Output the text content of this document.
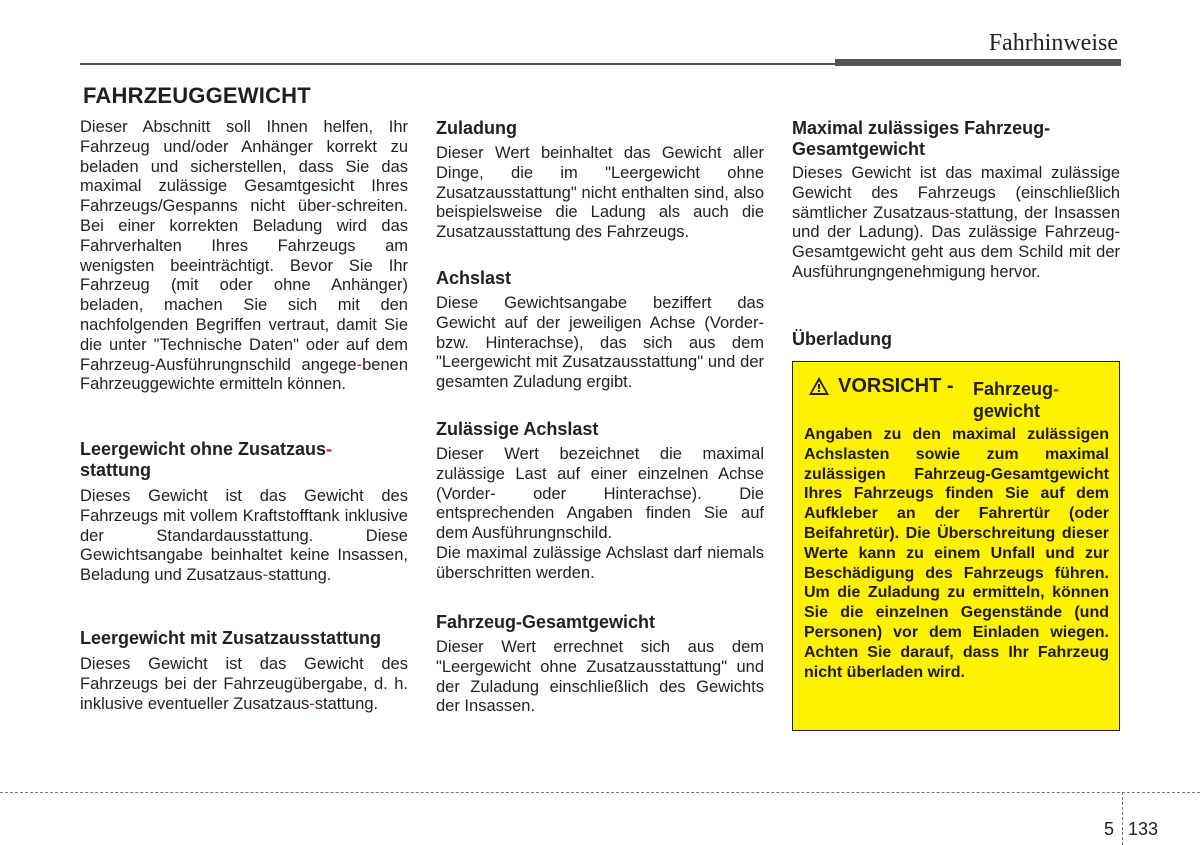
Fahrhinweise
FAHRZEUGGEWICHT

Dieser Abschnitt soll Ihnen helfen, Ihr Fahrzeug und/oder Anhänger korrekt zu beladen und sicherstellen, dass Sie das maximal zulässige Gesamtgesicht Ihres Fahrzeugs/Gespanns nicht über-schreiten. Bei einer korrekten Beladung wird das Fahrverhalten Ihres Fahrzeugs am wenigsten beeinträchtigt. Bevor Sie Ihr Fahrzeug (mit oder ohne Anhänger) beladen, machen Sie sich mit den nachfolgenden Begriffen vertraut, damit Sie die unter "Technische Daten" oder auf dem Fahrzeug-Ausführungnschild angege-benen Fahrzeuggewichte ermitteln können.

Leergewicht ohne Zusatzaus-
stattung

Dieses Gewicht ist das Gewicht des Fahrzeugs mit vollem Kraftstofftank inklusive der Standardausstattung. Diese Gewichtsangabe beinhaltet keine Insassen, Beladung und Zusatzaus-stattung.

Leergewicht mit Zusatzausstattung

Dieses Gewicht ist das Gewicht des Fahrzeugs bei der Fahrzeugübergabe, d. h. inklusive eventueller Zusatzaus-stattung.

Zuladung

Dieser Wert beinhaltet das Gewicht aller Dinge, die im "Leergewicht ohne Zusatzausstattung" nicht enthalten sind, also beispielsweise die Ladung als auch die Zusatzausstattung des Fahrzeugs.

Achslast

Diese Gewichtsangabe beziffert das Gewicht auf der jeweiligen Achse (Vorder- bzw. Hinterachse), das sich aus dem "Leergewicht mit Zusatzausstattung" und der gesamten Zuladung ergibt.

Zulässige Achslast

Dieser Wert bezeichnet die maximal zulässige Last auf einer einzelnen Achse (Vorder- oder Hinterachse). Die entsprechenden Angaben finden Sie auf dem Ausführungnschild.

Die maximal zulässige Achslast darf niemals überschritten werden.

Fahrzeug-Gesamtgewicht

Dieser Wert errechnet sich aus dem "Leergewicht ohne Zusatzausstattung" und der Zuladung einschließlich des Gewichts der Insassen.

Maximal zulässiges Fahrzeug-
Gesamtgewicht

Dieses Gewicht ist das maximal zulässige Gewicht des Fahrzeugs (einschließlich sämtlicher Zusatzaus-stattung, der Insassen und der Ladung). Das zulässige Fahrzeug-Gesamtgewicht geht aus dem Schild mit der Ausführungngenehmigung hervor.

Überladung
VORSICHT - Fahrzeug-
gewicht
Angaben zu den maximal zulässigen Achslasten sowie zum maximal zulässigen Fahrzeug-Gesamtgewicht Ihres Fahrzeugs finden Sie auf dem Aufkleber an der Fahrertür (oder Beifahretür). Die Überschreitung dieser Werte kann zu einem Unfall und zur Beschädigung des Fahrzeugs führen. Um die Zuladung zu ermitteln, können Sie die einzelnen Gegenstände (und Personen) vor dem Einladen wiegen. Achten Sie darauf, dass Ihr Fahrzeug nicht überladen wird.
5 133
